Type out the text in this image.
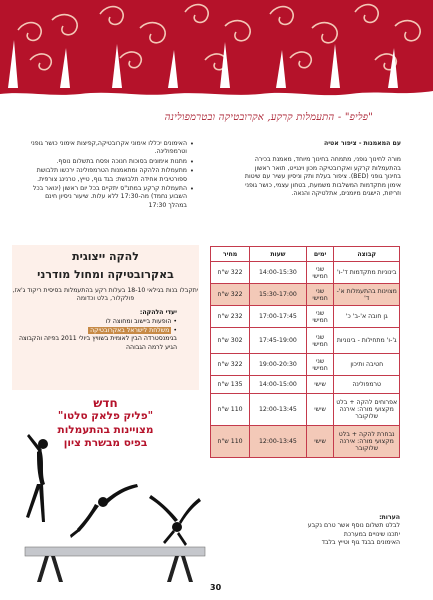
"פליפ" - התעמלות קרקע, אקרובטיקה ובטרמפולינה
עם המאמנות - ציפור אטיה
מורה לחינוך גופני, מתמחה בחינוך מיוחד, מאמנת בכירה בהתעמלות קרקע ואקרובטיקה מכון וינגייט, תואר ראשון בחינוך גופני (BED). ציפור בעלת ותק וניסיון עשיר עם שיטות אימון מתקדמות המשלבות משמעת, בטחון עצמי, כושר גופני וזריזות, הישגים מיומנים, אתלטיקה והנאה.
• האימונים יכללו אימוני אקרובטיקה,קפיצות אימוני כושר גופני וטרמפולינה.
• מתנות אימונים בסוכות חנוכה ופסח בתשלום נוסף.
• מתעמלות הלהקה ומתאמנות הטרמפולינה ירכשו תלבושת ספורטיבית אחידה תלבושת: בגד גוף, טייץ, טרנינג צורפית.
• התעמלות קרקע במתנ"ס יתקיים בכל יום ראשון (ינואר בכל השבוע נחמד) מה-17:30 ללא עלות. שיעור ניסיון חינם במהלך 17:30
להקה ייצוגית
באקרובטיקה ומחול מודרני
יתקבלו בנות בגילאי 18-10 בעלות רקע בהתעמלות בסיסית ריקוד ג'אז, פולקלור, בלט וכדומה
יעדי הלהקה:
• הופעות ביישוב ומחוצה לו
• משלחת לישראל באקרובטיקה
בגימנסטרדה הבין לאומית בשוויץ ביולי 2011 בפיזה והקבוצה הגיע לרמה הגבוהה
חדש
"פליק פלאק סלטו"
מצויינות בהתעמלות
בפיס מבשרת ציון
קבוצה	ימים	שעות	מחיר
בינוניות מתקדמות ד'-ו'	שני חמישי	14:00-15:30	322 ש"ח
מצוינות בהתעמלות א'-ד'	שני חמישי	15:30-17:00	322 ש"ח
גן חובה א'-ב' כ'	שני חמישי	17:00-17:45	232 ש"ח
ג'-ו' מתחילות - בינוניות	שני חמישי	17:45-19:00	302 ש"ח
חטיבה ותיכון	שני חמישי	19:00-20:30	322 ש"ח
טרמפולינה	שישי	14:00-15:00	135 ש"ח
אפרוחים להקה + בלט מקצועי מורה: אירנה שלוקובר	שישי	12:00-13:45	110 ש"ח
נבחרת להקה + בלט מקצועי מורה: אירנה שלוקובר	שישי	12:00-13:45	110 ש"ח
הערות:
לבלט תשלום נוסף אשר טרם נקבע
יתכנו שינויים במערכת
האימונים בבגד גוף וטייץ בלבד
30
